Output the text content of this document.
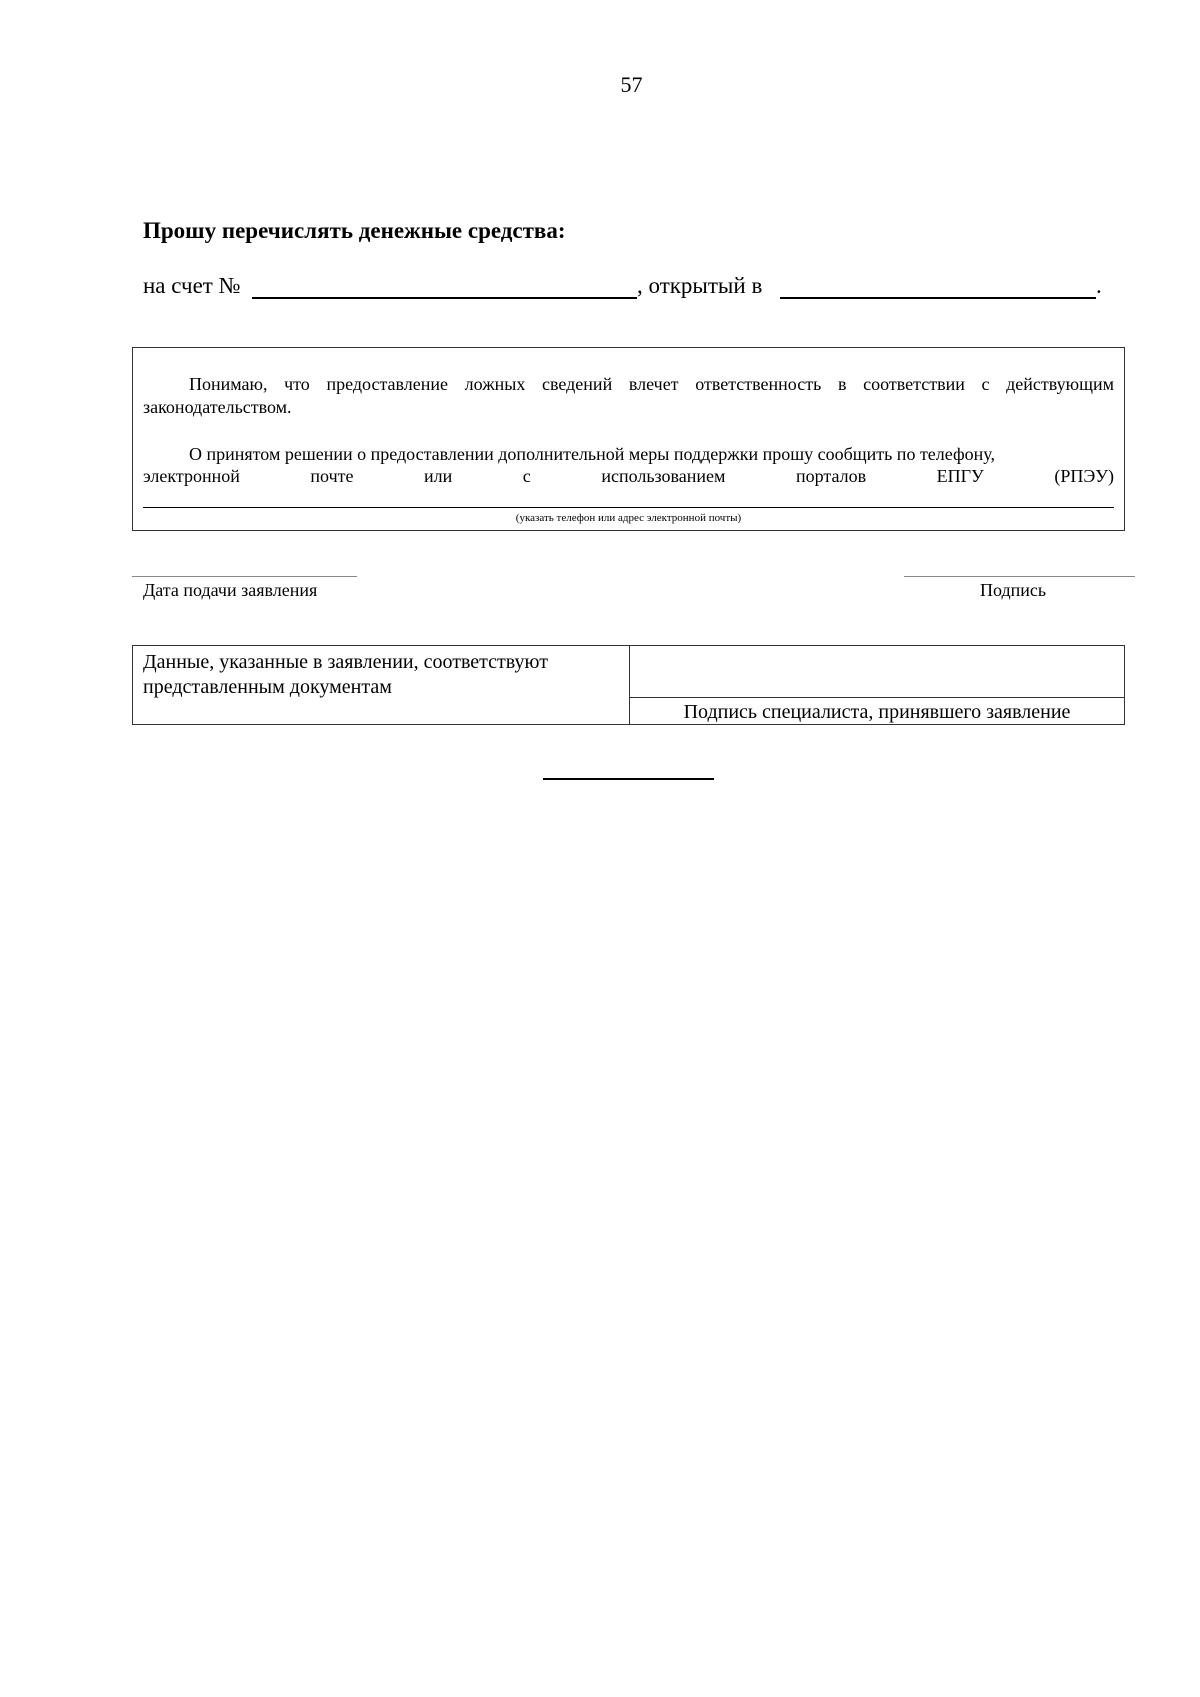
57
Прошу перечислять денежные средства:
на счет №	, открытый в	.
Понимаю, что предоставление ложных сведений влечет ответственность в соответствии с действующим законодательством.
О принятом решении о предоставлении дополнительной меры поддержки прошу сообщить по телефону,
электронной	почте	или	с	использованием	порталов	ЕПГУ	(РПЭУ)
(указать телефон или адрес электронной почты)
Дата подачи заявления	Подпись
Данные, указанные в заявлении, соответствуют представленным документам
Подпись специалиста, принявшего заявление
